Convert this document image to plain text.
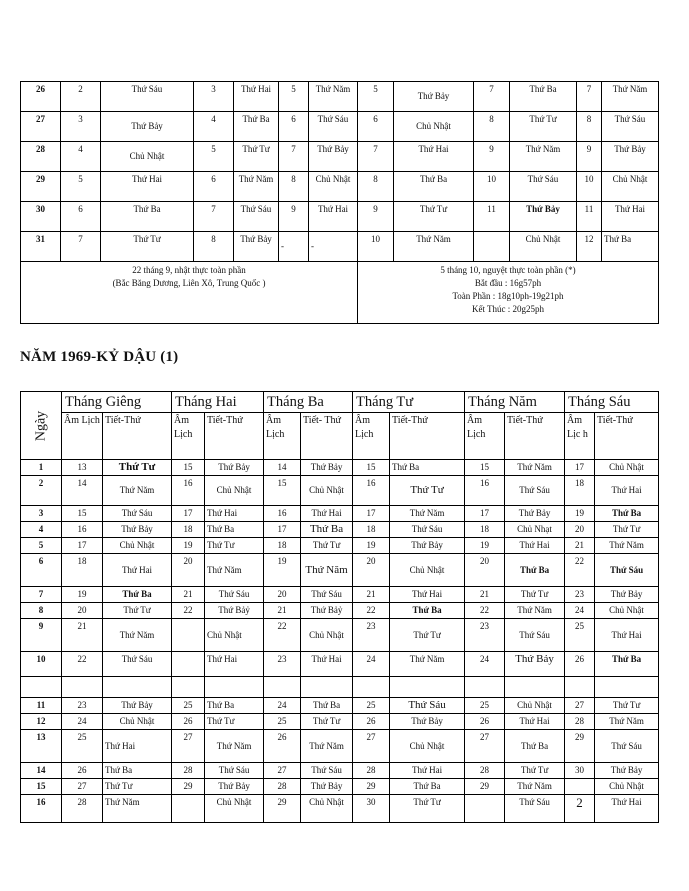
26	2	Thứ Sáu	3	Thứ Hai	5	Thứ Năm	5	Thứ Bảy	7	Thứ Ba	7	Thứ Năm
27	3	Thứ Bảy	4	Thứ Ba	6	Thứ Sáu	6	Chủ Nhật	8	Thứ Tư	8	Thứ Sáu
28	4	Chủ Nhật	5	Thứ Tư	7	Thứ Bảy	7	Thứ Hai	9	Thứ Năm	9	Thứ Bảy
29	5	Thứ Hai	6	Thứ Năm	8	Chủ Nhật	8	Thứ Ba	10	Thứ Sáu	10	Chủ Nhật
30	6	Thứ Ba	7	Thứ Sáu	9	Thứ Hai	9	Thứ Tư	11	Thứ Bảy	11	Thứ Hai
31	7	Thứ Tư	8	Thứ Bảy	-	-	10	Thứ Năm		Chủ Nhật	12	Thứ Ba

22 tháng 9, nhật thực toàn phần
(Bắc Băng Dương, Liên Xô, Trung Quốc )							5 tháng 10, nguyệt thực toàn phần (*)
Bắt đầu : 16g57ph
Toàn Phần : 18g10ph-19g21ph
Kết Thúc : 20g25ph					
NĂM 1969-KỶ DẬU (1)
Ngày	Tháng Giêng		Tháng Hai		Tháng Ba		Tháng Tư		Tháng Năm		Tháng Sáu	
	Âm Lịch	Tiết-Thứ	Âm Lịch	Tiết-Thứ	Âm Lịch	Tiết- Thứ	Âm Lịch	Tiết-Thứ	Âm Lịch	Tiết-Thứ	Âm Lịc h	Tiết-Thứ
1	13	Thứ Tư	15	Thứ Bảy	14	Thứ Bảy	15	Thứ Ba	15	Thứ Năm	17	Chủ Nhật
2	14	Thứ Năm	16	Chủ Nhật	15	Chủ Nhật	16	Thứ Tư	16	Thứ Sáu	18	Thứ Hai
3	15	Thứ Sáu	17	Thứ Hai	16	Thứ Hai	17	Thứ Năm	17	Thứ Bảy	19	Thứ Ba
4	16	Thứ Bảy	18	Thứ Ba	17	Thứ Ba	18	Thứ Sáu	18	Chủ Nhạt	20	Thứ Tư
5	17	Chủ Nhật	19	Thứ Tư	18	Thứ Tư	19	Thứ Bảy	19	Thứ Hai	21	Thứ Năm
6	18	Thứ Hai	20	Thứ Năm	19	Thứ Năm	20	Chủ Nhật	20	Thứ Ba	22	Thứ Sáu
7	19	Thứ Ba	21	Thứ Sáu	20	Thứ Sáu	21	Thứ Hai	21	Thứ Tư	23	Thứ Bảy
8	20	Thứ Tư	22	Thứ Bảỷ	21	Thứ Bảỷ	22	Thứ Ba	22	Thứ Năm	24	Chủ Nhật
9	21	Thứ Năm		Chủ Nhật	22	Chủ Nhật	23	Thứ Tư	23	Thứ Sáu	25	Thứ Hai
10	22	Thứ Sáu		Thứ Hai	23	Thứ Hai	24	Thứ Năm	24	Thứ Bảy	26	Thứ Ba

11	23	Thứ Bảy	25	Thứ Ba	24	Thứ Ba	25	Thứ Sáu	25	Chủ Nhật	27	Thứ Tư
12	24	Chủ Nhật	26	Thứ Tư	25	Thứ Tư	26	Thứ Bảy	26	Thứ Hai	28	Thứ Năm
13	25	Thứ Hai	27	Thứ Năm	26	Thứ Năm	27	Chủ Nhật	27	Thứ Ba	29	Thứ Sáu
14	26	Thứ Ba	28	Thứ Sáu	27	Thứ Sáu	28	Thứ Hai	28	Thứ Tư	30	Thứ Bảy
15	27	Thứ Tư	29	Thứ Bảy	28	Thứ Bảy	29	Thứ Ba	29	Thứ Năm		Chủ Nhật
16	28	Thứ Năm		Chủ Nhật	29	Chủ Nhật	30	Thứ Tư		Thứ Sáu	2	Thứ Hai
